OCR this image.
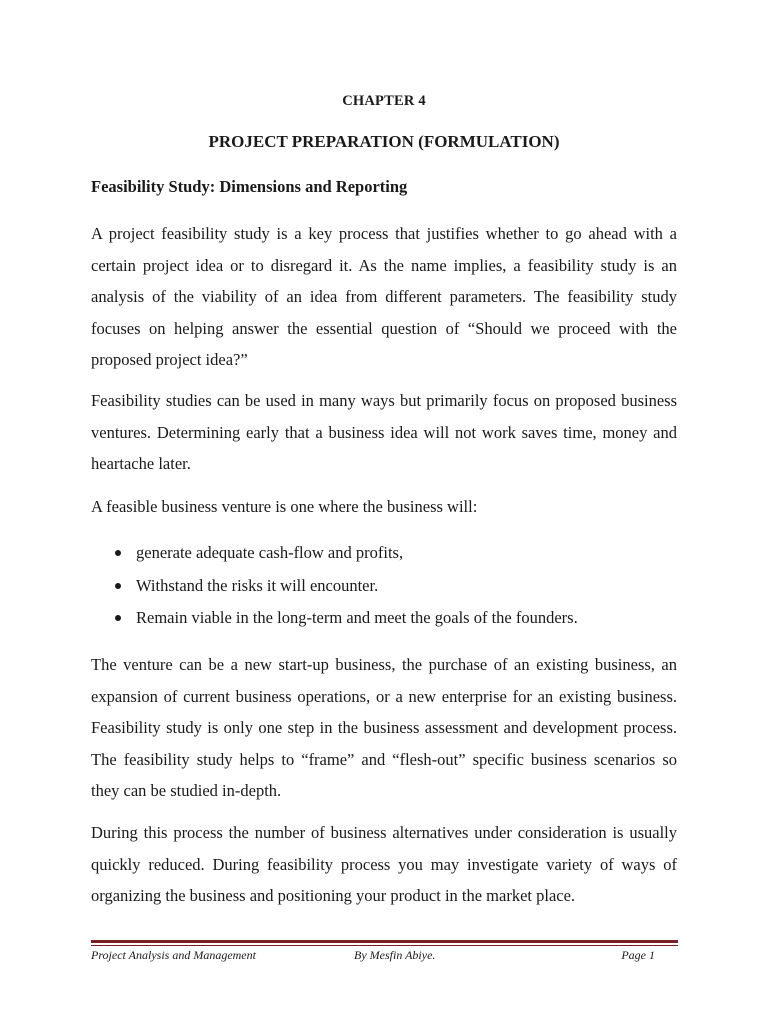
CHAPTER 4
PROJECT PREPARATION (FORMULATION)
Feasibility Study: Dimensions and Reporting
A project feasibility study is a key process that justifies whether to go ahead with a certain project idea or to disregard it. As the name implies, a feasibility study is an analysis of the viability of an idea from different parameters. The feasibility study focuses on helping answer the essential question of “Should we proceed with the proposed project idea?”
Feasibility studies can be used in many ways but primarily focus on proposed business ventures. Determining early that a business idea will not work saves time, money and heartache later.
A feasible business venture is one where the business will:
generate adequate cash-flow and profits,
Withstand the risks it will encounter.
Remain viable in the long-term and meet the goals of the founders.
The venture can be a new start-up business, the purchase of an existing business, an expansion of current business operations, or a new enterprise for an existing business. Feasibility study is only one step in the business assessment and development process. The feasibility study helps to “frame” and “flesh-out” specific business scenarios so they can be studied in-depth.
During this process the number of business alternatives under consideration is usually quickly reduced. During feasibility process you may investigate variety of ways of organizing the business and positioning your product in the market place.
Project Analysis and Management	By Mesfin Abiye.	Page 1
